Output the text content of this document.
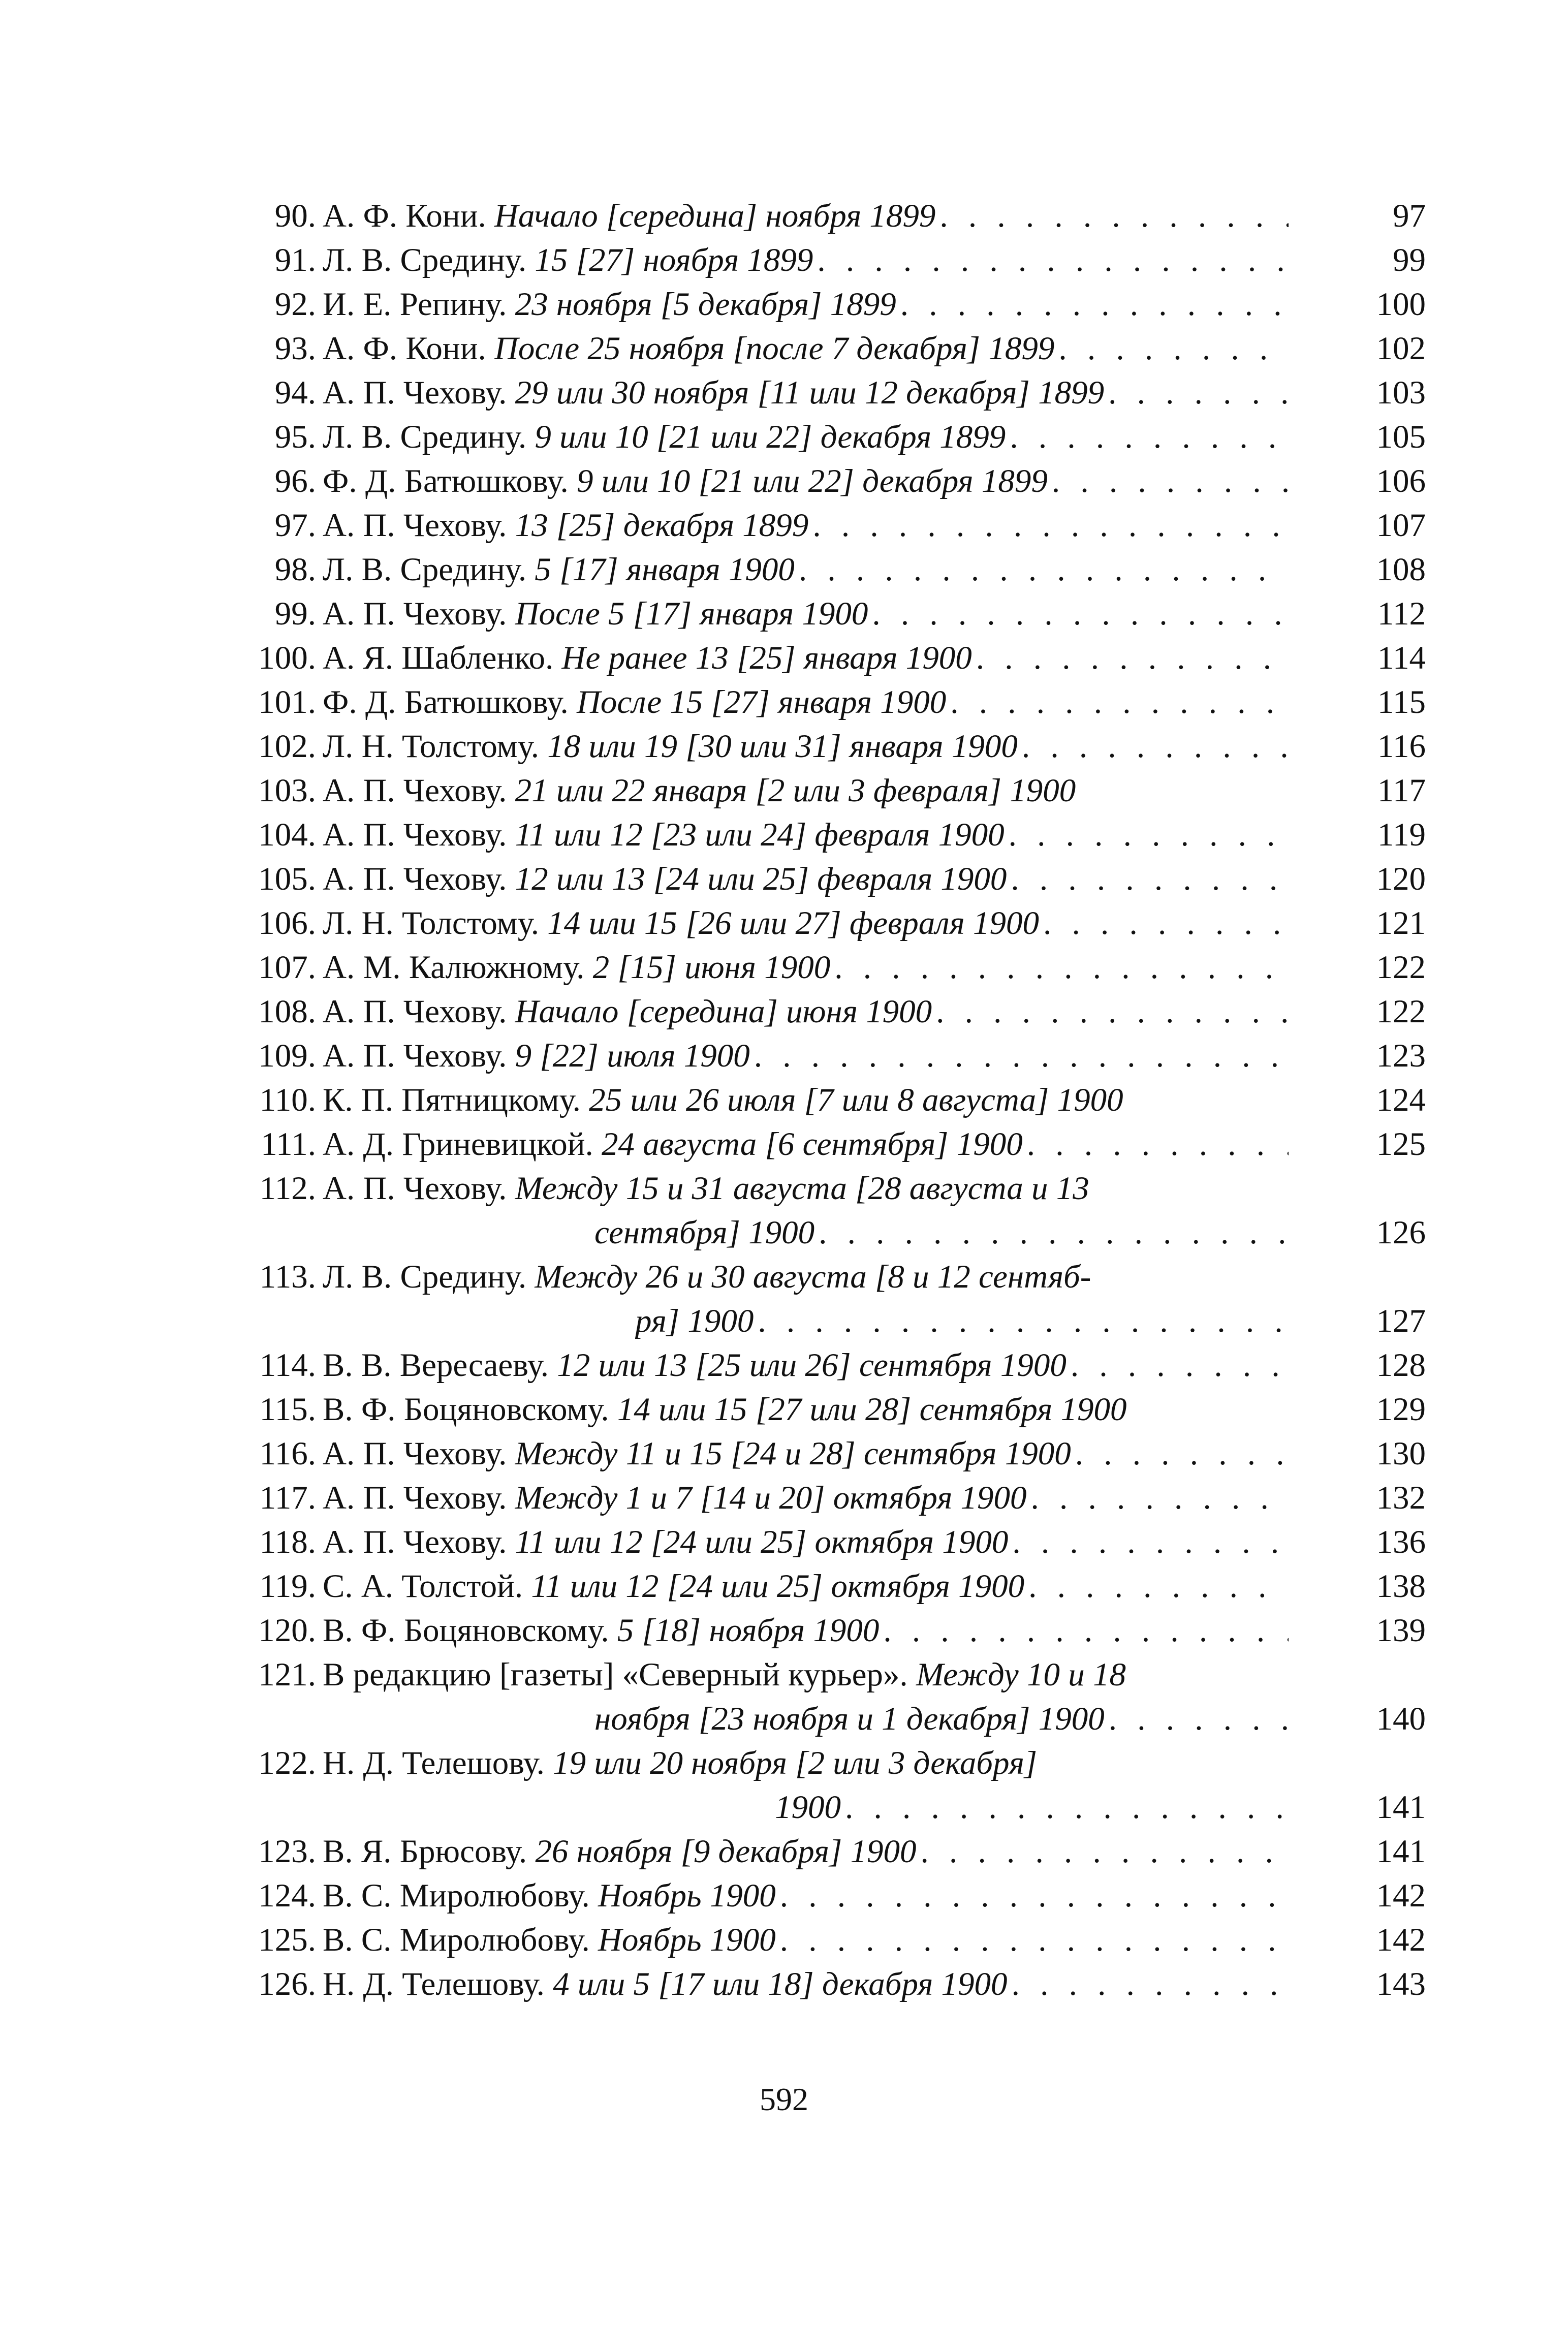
90. А. Ф. Кони. Начало [середина] ноября 1899 . . .	97
91. Л. В. Средину. 15 [27] ноября 1899 . . .	99
92. И. Е. Репину. 23 ноября [5 декабря] 1899 . . .	100
93. А. Ф. Кони. После 25 ноября [после 7 декабря] 1899 . . .	102
94. А. П. Чехову. 29 или 30 ноября [11 или 12 декабря] 1899 . . .	103
95. Л. В. Средину. 9 или 10 [21 или 22] декабря 1899 . . .	105
96. Ф. Д. Батюшкову. 9 или 10 [21 или 22] декабря 1899 . . .	106
97. А. П. Чехову. 13 [25] декабря 1899 . . .	107
98. Л. В. Средину. 5 [17] января 1900 . . .	108
99. А. П. Чехову. После 5 [17] января 1900 . . .	112
100. А. Я. Шабленко. Не ранее 13 [25] января 1900 . . .	114
101. Ф. Д. Батюшкову. После 15 [27] января 1900 . . .	115
102. Л. Н. Толстому. 18 или 19 [30 или 31] января 1900 . . .	116
103. А. П. Чехову. 21 или 22 января [2 или 3 февраля] 1900	117
104. А. П. Чехову. 11 или 12 [23 или 24] февраля 1900 . . .	119
105. А. П. Чехову. 12 или 13 [24 или 25] февраля 1900 . . .	120
106. Л. Н. Толстому. 14 или 15 [26 или 27] февраля 1900 . . .	121
107. А. М. Калюжному. 2 [15] июня 1900 . . .	122
108. А. П. Чехову. Начало [середина] июня 1900 . . .	122
109. А. П. Чехову. 9 [22] июля 1900 . . .	123
110. К. П. Пятницкому. 25 или 26 июля [7 или 8 августа] 1900	124
111. А. Д. Гриневицкой. 24 августа [6 сентября] 1900 . . .	125
112. А. П. Чехову. Между 15 и 31 августа [28 августа и 13
сентября] 1900 . . .	126
113. Л. В. Средину. Между 26 и 30 августа [8 и 12 сентяб-
ря] 1900 . . .	127
114. В. В. Вересаеву. 12 или 13 [25 или 26] сентября 1900 . . .	128
115. В. Ф. Боцяновскому. 14 или 15 [27 или 28] сентября 1900	129
116. А. П. Чехову. Между 11 и 15 [24 и 28] сентября 1900 . . .	130
117. А. П. Чехову. Между 1 и 7 [14 и 20] октября 1900 . . .	132
118. А. П. Чехову. 11 или 12 [24 или 25] октября 1900 . . .	136
119. С. А. Толстой. 11 или 12 [24 или 25] октября 1900 . . .	138
120. В. Ф. Боцяновскому. 5 [18] ноября 1900 . . .	139
121. В редакцию [газеты] «Северный курьер». Между 10 и 18
ноября [23 ноября и 1 декабря] 1900 . . .	140
122. Н. Д. Телешову. 19 или 20 ноября [2 или 3 декабря]
1900 . . .	141
123. В. Я. Брюсову. 26 ноября [9 декабря] 1900 . . .	141
124. В. С. Миролюбову. Ноябрь 1900 . . .	142
125. В. С. Миролюбову. Ноябрь 1900 . . .	142
126. Н. Д. Телешову. 4 или 5 [17 или 18] декабря 1900 . . .	143
592
